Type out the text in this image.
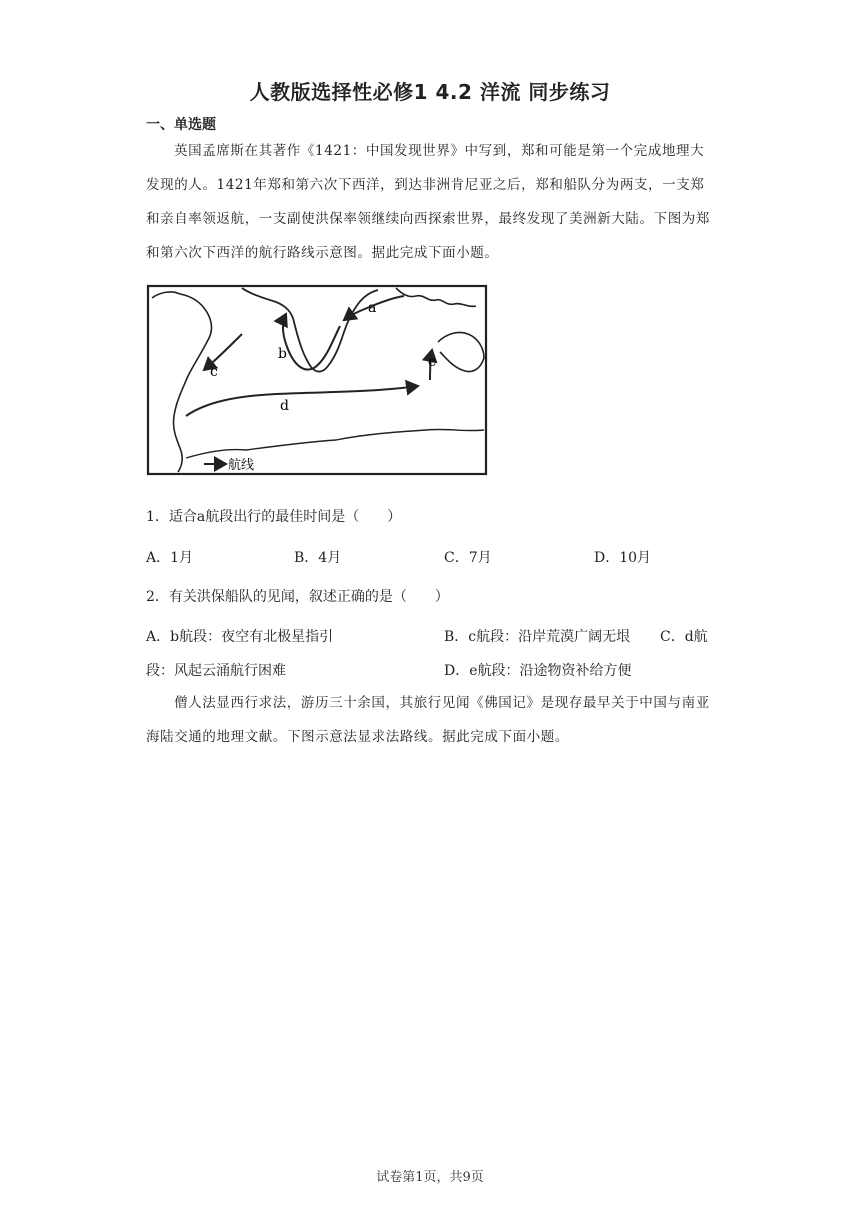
人教版选择性必修1 4.2 洋流 同步练习
一、单选题
英国孟席斯在其著作《1421：中国发现世界》中写到，郑和可能是第一个完成地理大发现的人。1421年郑和第六次下西洋，到达非洲肯尼亚之后，郑和船队分为两支，一支郑和亲自率领返航，一支副使洪保率领继续向西探索世界，最终发现了美洲新大陆。下图为郑和第六次下西洋的航行路线示意图。据此完成下面小题。
a
b
c
d
e
航线
1．适合a航段出行的最佳时间是（　　）
A．1月	B．4月	C．7月	D．10月
2．有关洪保船队的见闻，叙述正确的是（　　）
A．b航段：夜空有北极星指引	B．c航段：沿岸荒漠广阔无垠 C．d航
段：风起云涌航行困难	D．e航段：沿途物资补给方便
僧人法显西行求法，游历三十余国，其旅行见闻《佛国记》是现存最早关于中国与南亚海陆交通的地理文献。下图示意法显求法路线。据此完成下面小题。
试卷第1页，共9页
